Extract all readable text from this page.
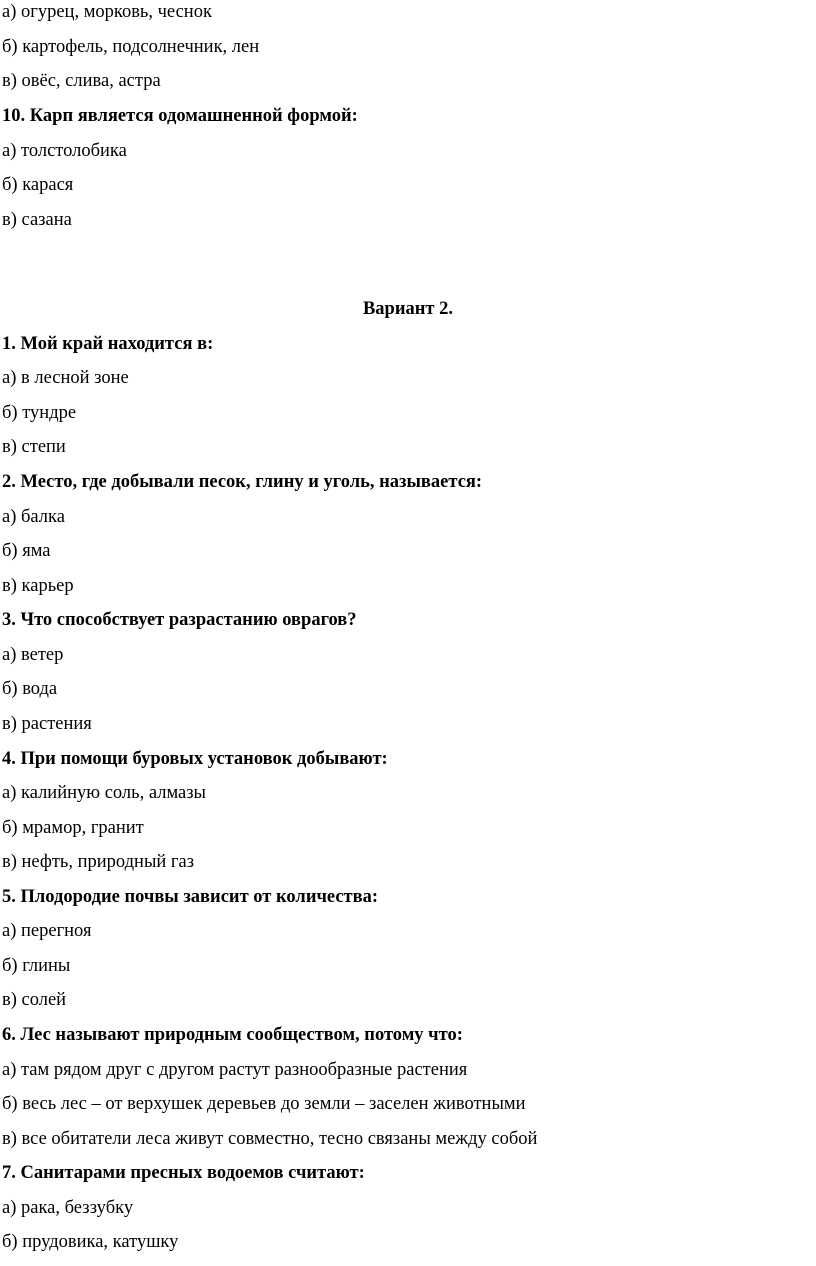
а) огурец, морковь, чеснок
б) картофель, подсолнечник, лен
в) овёс, слива, астра
10. Карп является одомашненной формой:
а) толстолобика
б) карася
в) сазана
Вариант 2.
1. Мой край находится в:
а) в лесной зоне
б) тундре
в) степи
2. Место, где добывали песок, глину и уголь, называется:
а) балка
б) яма
в) карьер
3. Что способствует разрастанию оврагов?
а) ветер
б) вода
в) растения
4. При помощи буровых установок добывают:
а) калийную соль, алмазы
б) мрамор, гранит
в) нефть, природный газ
5. Плодородие почвы зависит от количества:
а) перегноя
б) глины
в) солей
6. Лес называют природным сообществом, потому что:
а) там рядом друг с другом растут разнообразные растения
б) весь лес – от верхушек деревьев до земли – заселен животными
в) все обитатели леса живут совместно, тесно связаны между собой
7. Санитарами пресных водоемов считают:
а) рака, беззубку
б) прудовика, катушку
